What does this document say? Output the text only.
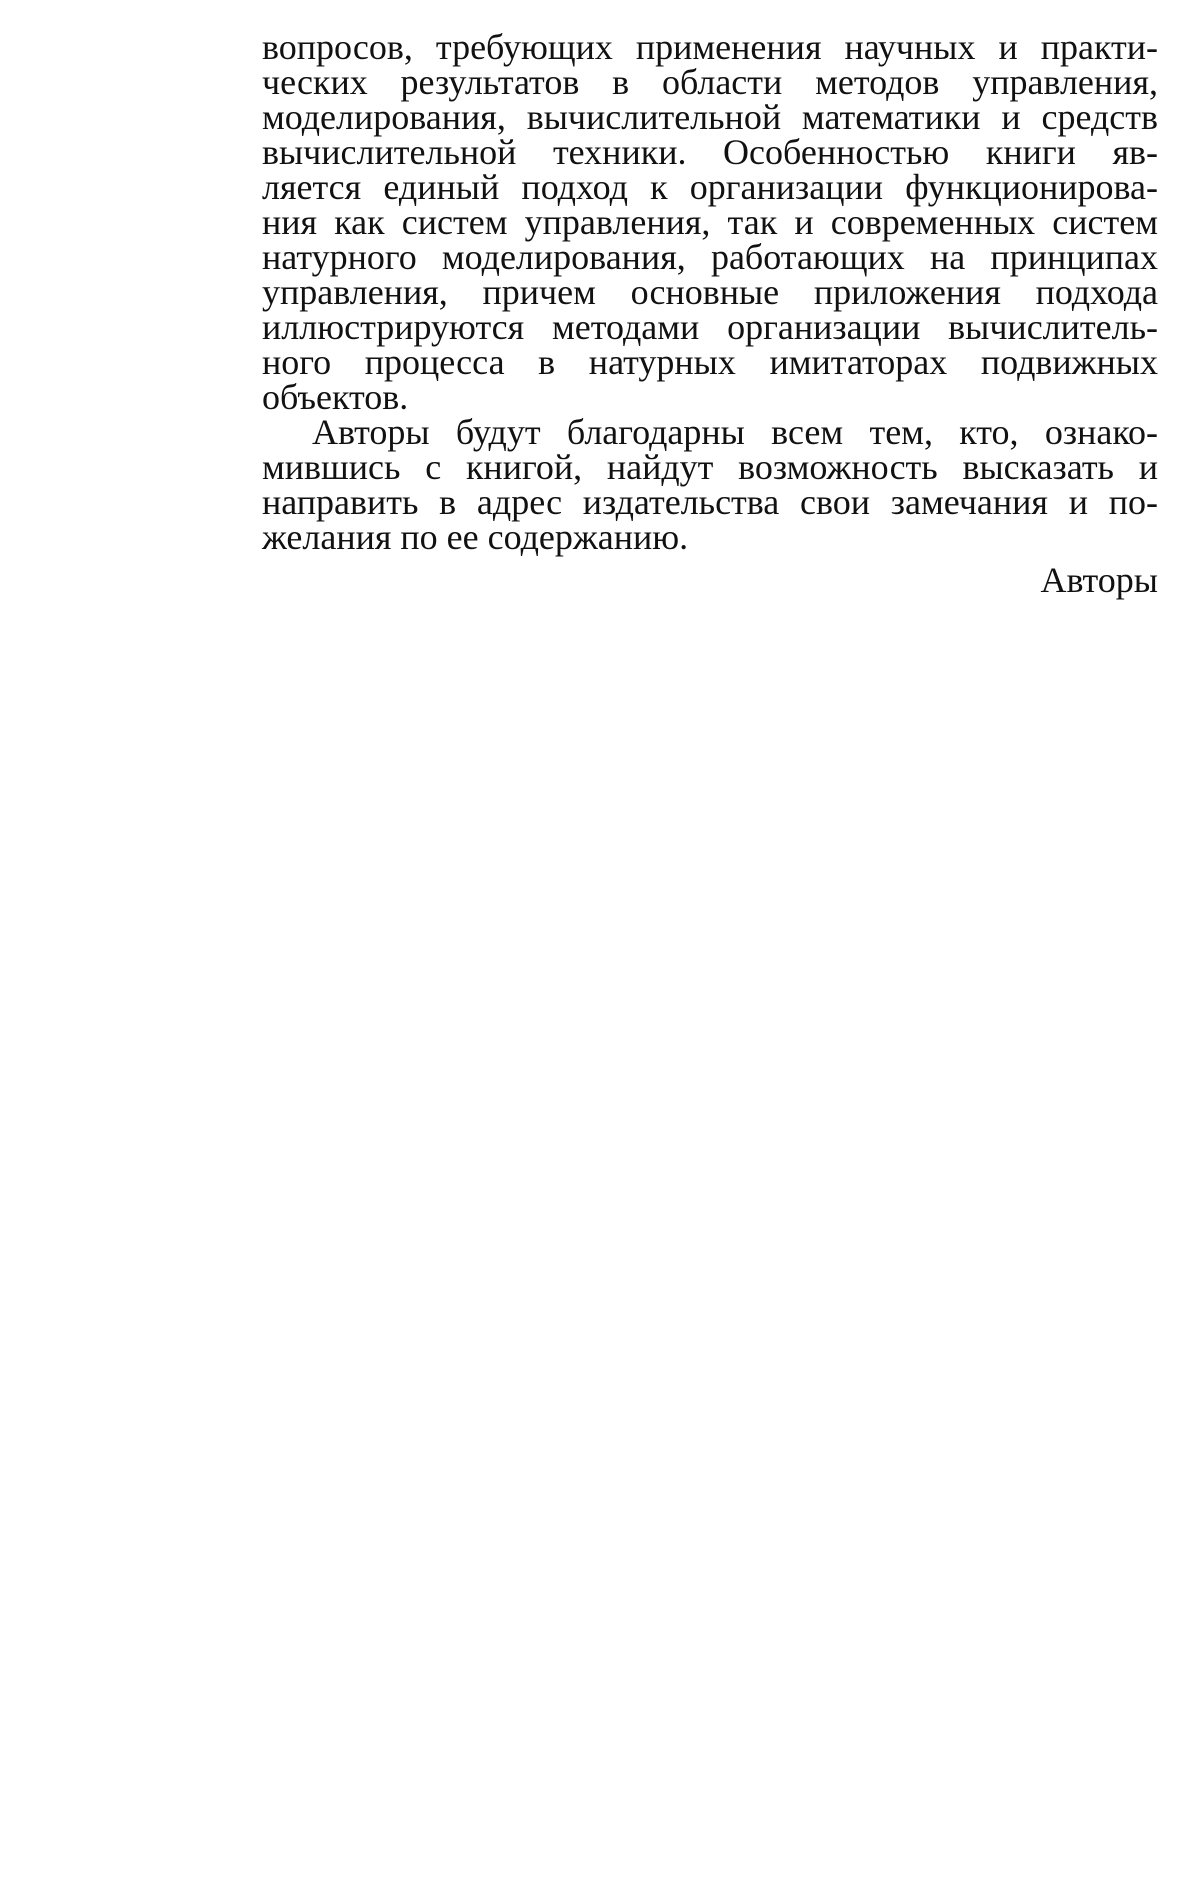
вопросов, требующих применения научных и практи-
ческих результатов в области методов управления,
моделирования, вычислительной математики и средств
вычислительной техники. Особенностью книги яв-
ляется единый подход к организации функционирова-
ния как систем управления, так и современных систем
натурного моделирования, работающих на принципах
управления, причем основные приложения подхода
иллюстрируются методами организации вычислитель-
ного процесса в натурных имитаторах подвижных
объектов.
Авторы будут благодарны всем тем, кто, ознако-
мившись с книгой, найдут возможность высказать и
направить в адрес издательства свои замечания и по-
желания по ее содержанию.
Авторы
